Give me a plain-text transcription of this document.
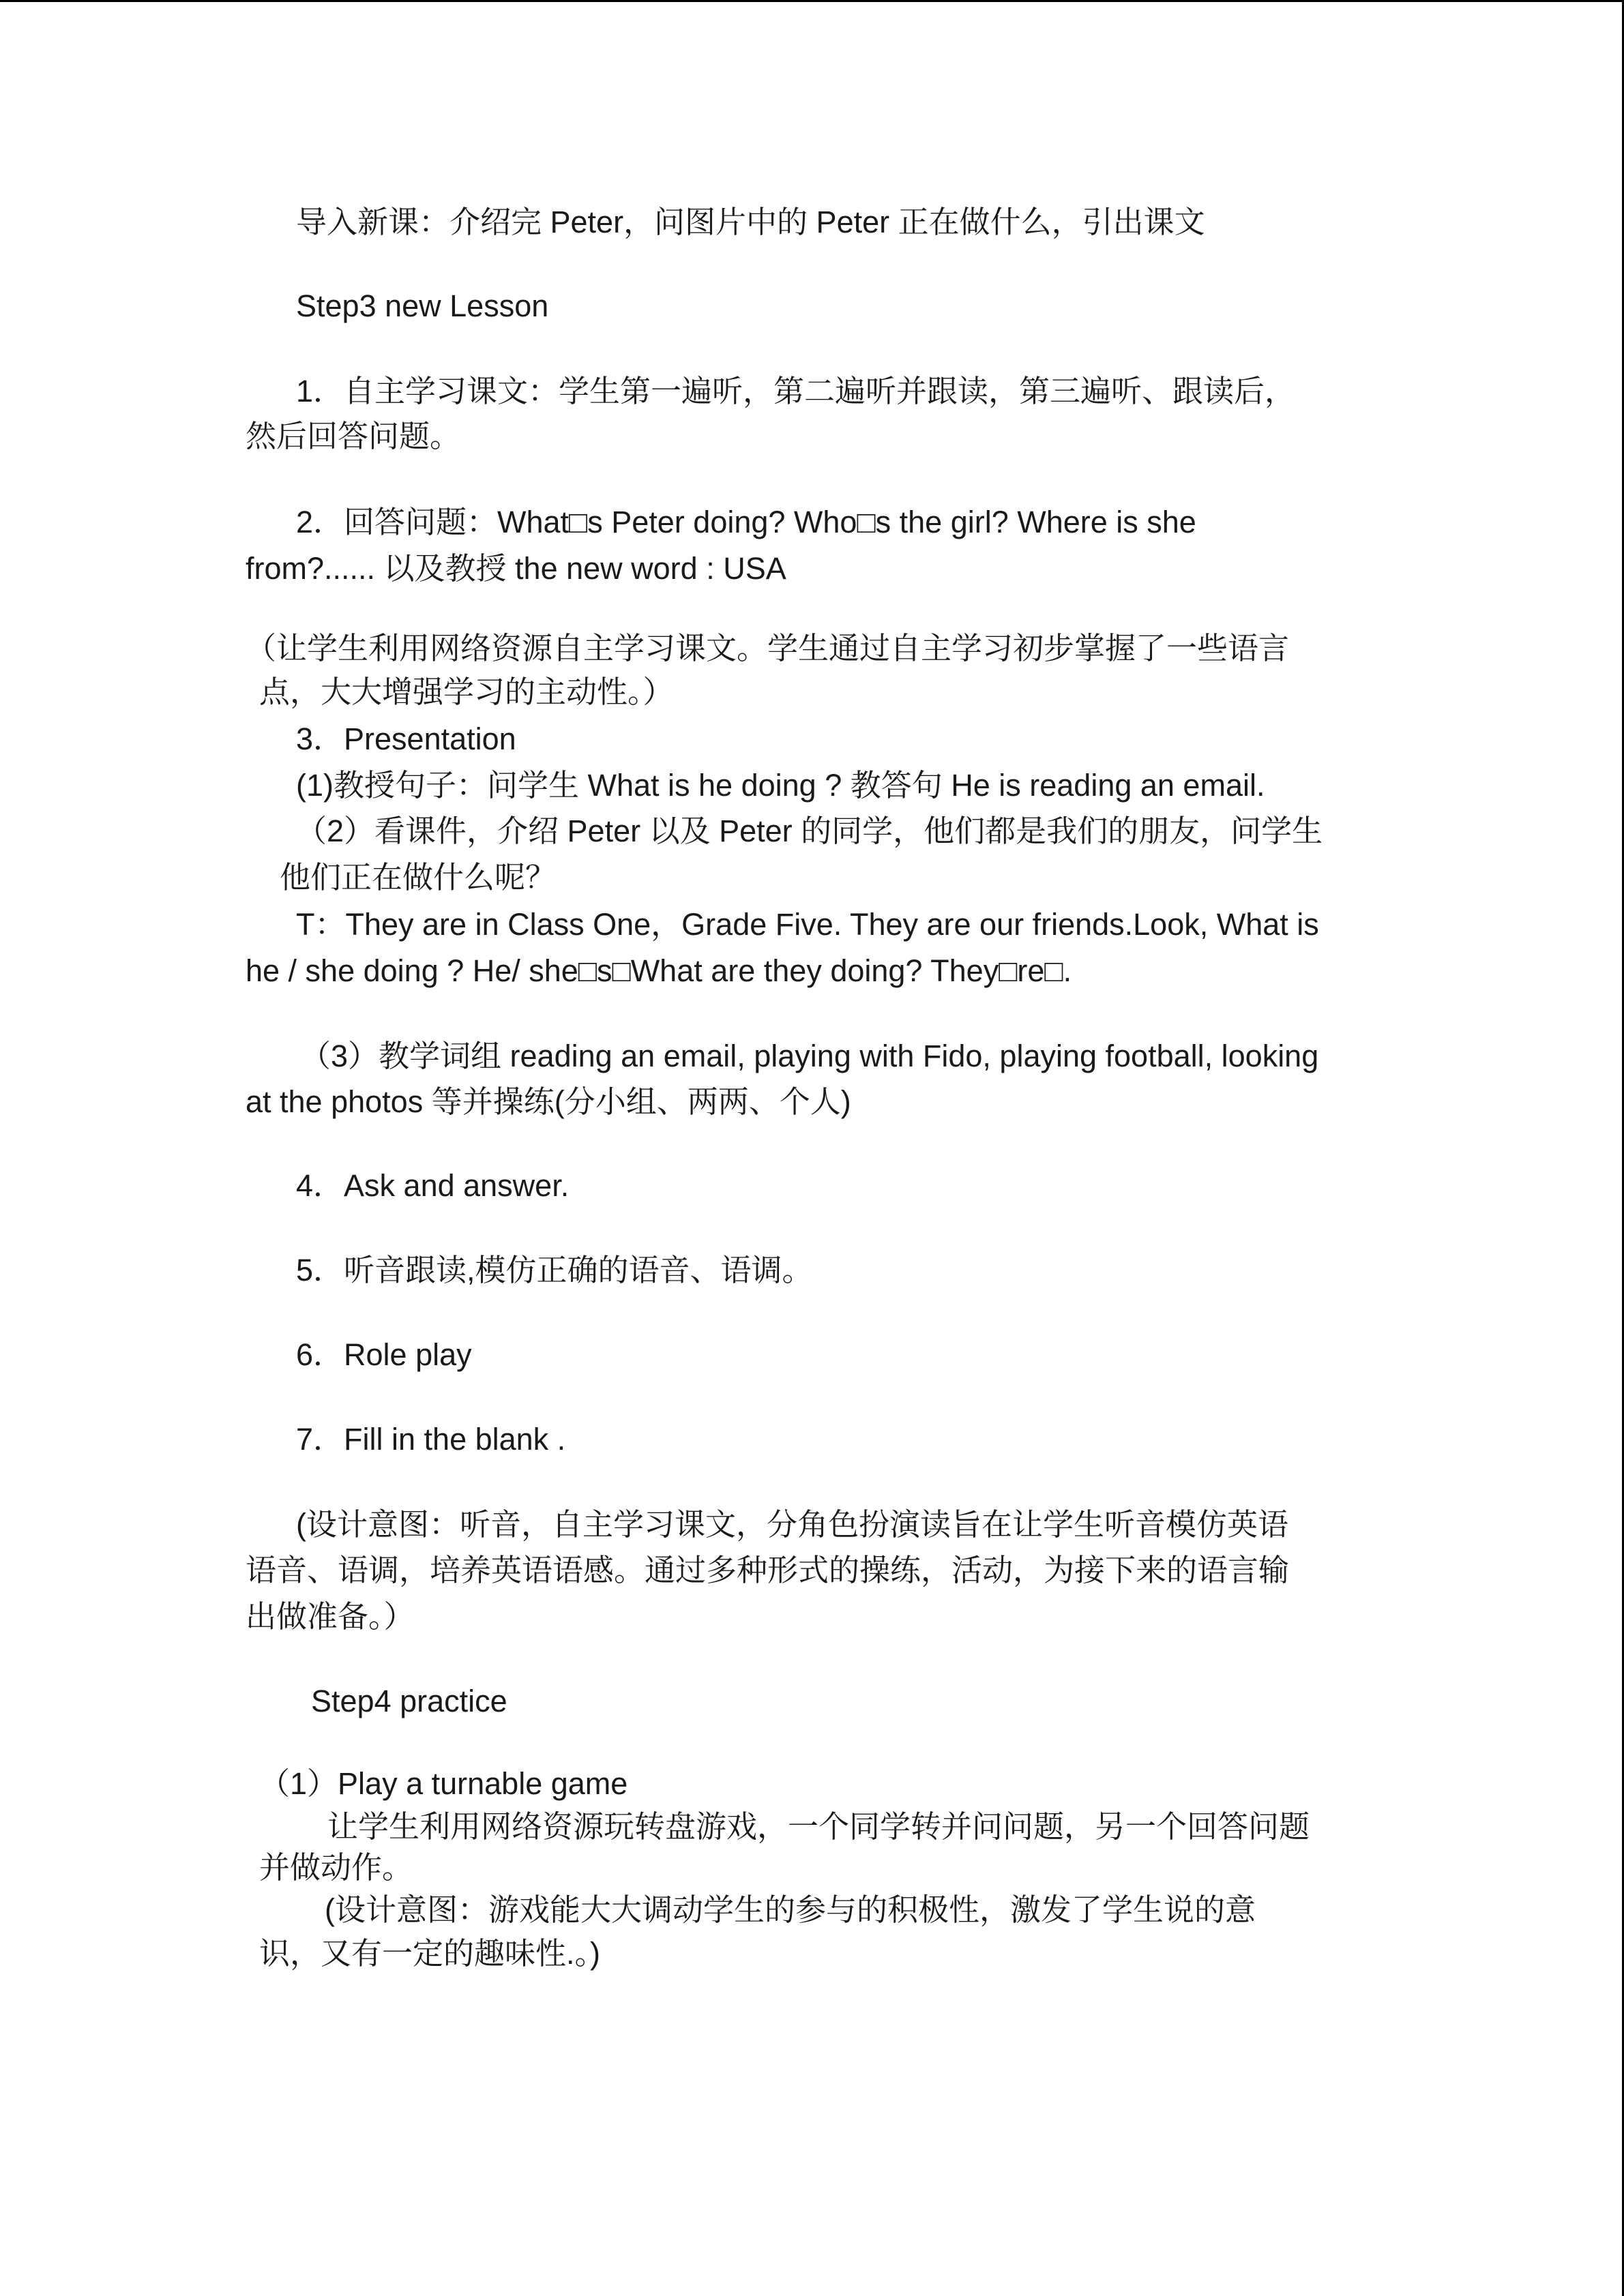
导入新课：介绍完 Peter，问图片中的 Peter 正在做什么，引出课文

Step3 new Lesson

1．自主学习课文：学生第一遍听，第二遍听并跟读，第三遍听、跟读后，

然后回答问题。

2．回答问题：What□s Peter doing? Who□s the girl? Where is she

from?...... 以及教授 the new word : USA

（让学生利用网络资源自主学习课文。学生通过自主学习初步掌握了一些语言

点，大大增强学习的主动性。）

3．Presentation

(1)教授句子：问学生 What is he doing ? 教答句 He is reading an email.

（2）看课件，介绍 Peter 以及 Peter 的同学，他们都是我们的朋友，问学生

他们正在做什么呢？

T：They are in Class One，Grade Five. They are our friends.Look, What is

he / she doing ? He/ she□s□What are they doing? They□re□.

（3）教学词组 reading an email, playing with Fido, playing football, looking

at the photos 等并操练(分小组、两两、个人)

4．Ask and answer.

5．听音跟读,模仿正确的语音、语调。

6．Role play

7．Fill in the blank .

(设计意图：听音，自主学习课文，分角色扮演读旨在让学生听音模仿英语

语音、语调，培养英语语感。通过多种形式的操练，活动，为接下来的语言输

出做准备。）

Step4 practice

（1）Play a turnable game

让学生利用网络资源玩转盘游戏，一个同学转并问问题，另一个回答问题

并做动作。

(设计意图：游戏能大大调动学生的参与的积极性，激发了学生说的意

识，又有一定的趣味性.。)
